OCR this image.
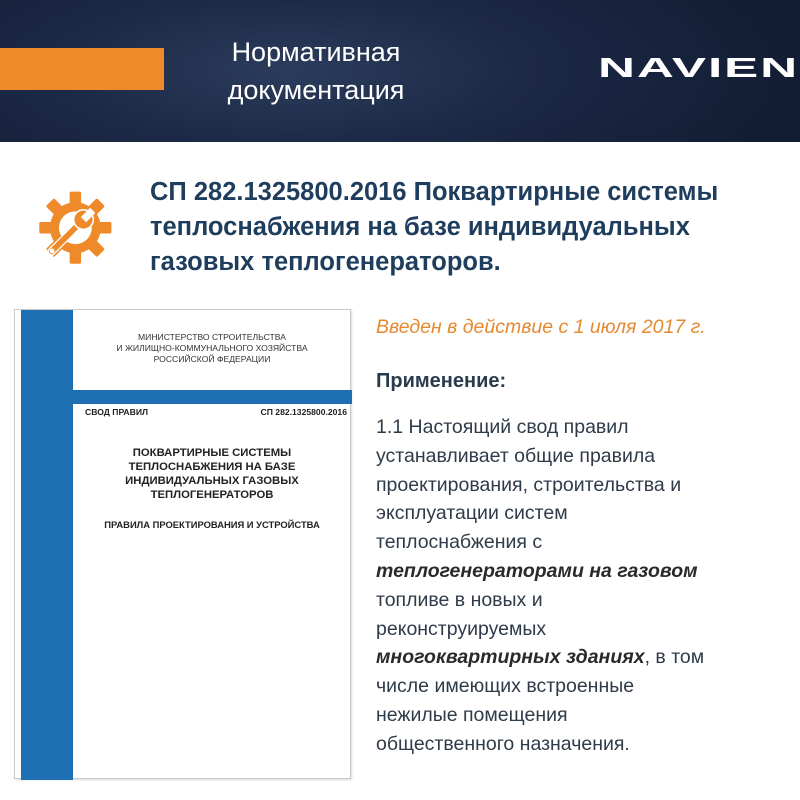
Нормативная
документация
NAVIEN
СП 282.1325800.2016 Поквартирные системы
теплоснабжения на базе индивидуальных
газовых теплогенераторов.
МИНИСТЕРСТВО СТРОИТЕЛЬСТВА
И ЖИЛИЩНО-КОММУНАЛЬНОГО ХОЗЯЙСТВА
РОССИЙСКОЙ ФЕДЕРАЦИИ
СВОД ПРАВИЛ	СП 282.1325800.2016
ПОКВАРТИРНЫЕ СИСТЕМЫ
ТЕПЛОСНАБЖЕНИЯ НА БАЗЕ
ИНДИВИДУАЛЬНЫХ ГАЗОВЫХ
ТЕПЛОГЕНЕРАТОРОВ
ПРАВИЛА ПРОЕКТИРОВАНИЯ И УСТРОЙСТВА
Введен в действие с 1 июля 2017 г.
Применение:
1.1 Настоящий свод правил
устанавливает общие правила
проектирования, строительства и
эксплуатации систем
теплоснабжения с
теплогенераторами на газовом
топливе в новых и
реконструируемых
многоквартирных зданиях, в том
числе имеющих встроенные
нежилые помещения
общественного назначения.
